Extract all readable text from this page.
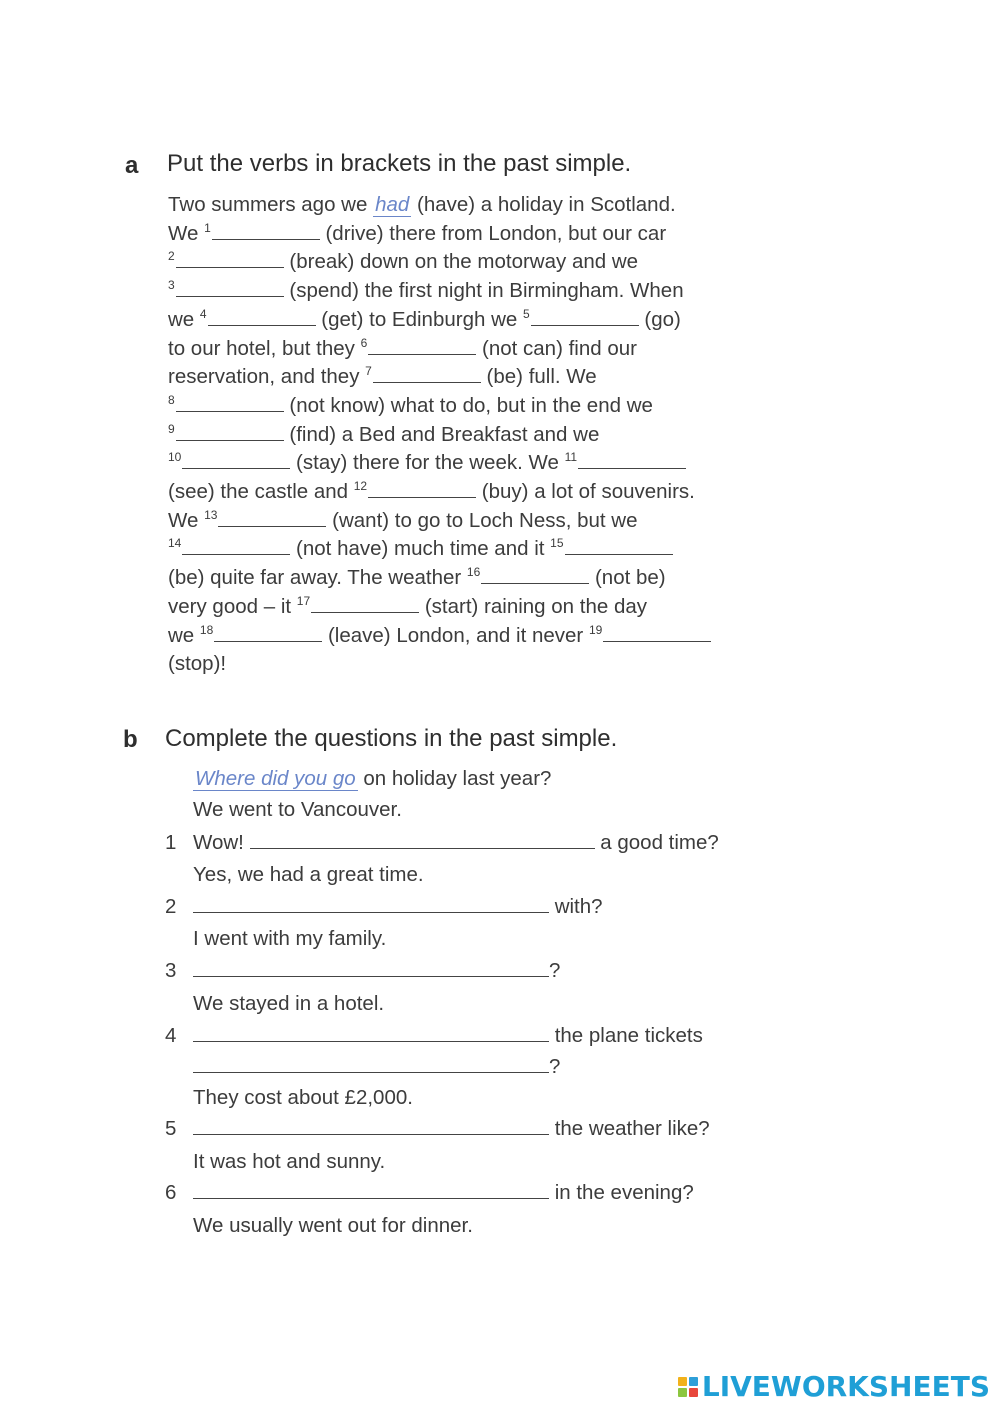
a Put the verbs in brackets in the past simple.
Two summers ago we had (have) a holiday in Scotland.
We $^1$	(drive) there from London, but our car
$^2$	(break) down on the motorway and we
$^3$	(spend) the first night in Birmingham. When
we $^4$	(get) to Edinburgh we $^5$	(go)
to our hotel, but they $^6$	(not can) find our
reservation, and they $^7$	(be) full. We
$^8$	(not know) what to do, but in the end we
$^9$	(find) a Bed and Breakfast and we
$^{10}$	(stay) there for the week. We $^{11}$
(see) the castle and $^{12}$	(buy) a lot of souvenirs.
We $^{13}$	(want) to go to Loch Ness, but we
$^{14}$	(not have) much time and it $^{15}$
(be) quite far away. The weather $^{16}$	(not be)
very good – it $^{17}$	(start) raining on the day
we $^{18}$	(leave) London, and it never $^{19}$
(stop)!
b Complete the questions in the past simple.
Where did you go on holiday last year?
We went to Vancouver.
1 Wow!	a good time?
Yes, we had a great time.
2	with?
I went with my family.
3	?
We stayed in a hotel.
4	the plane tickets
?
They cost about £2,000.
5	the weather like?
It was hot and sunny.
6	in the evening?
We usually went out for dinner.
LIVEWORKSHEETS
